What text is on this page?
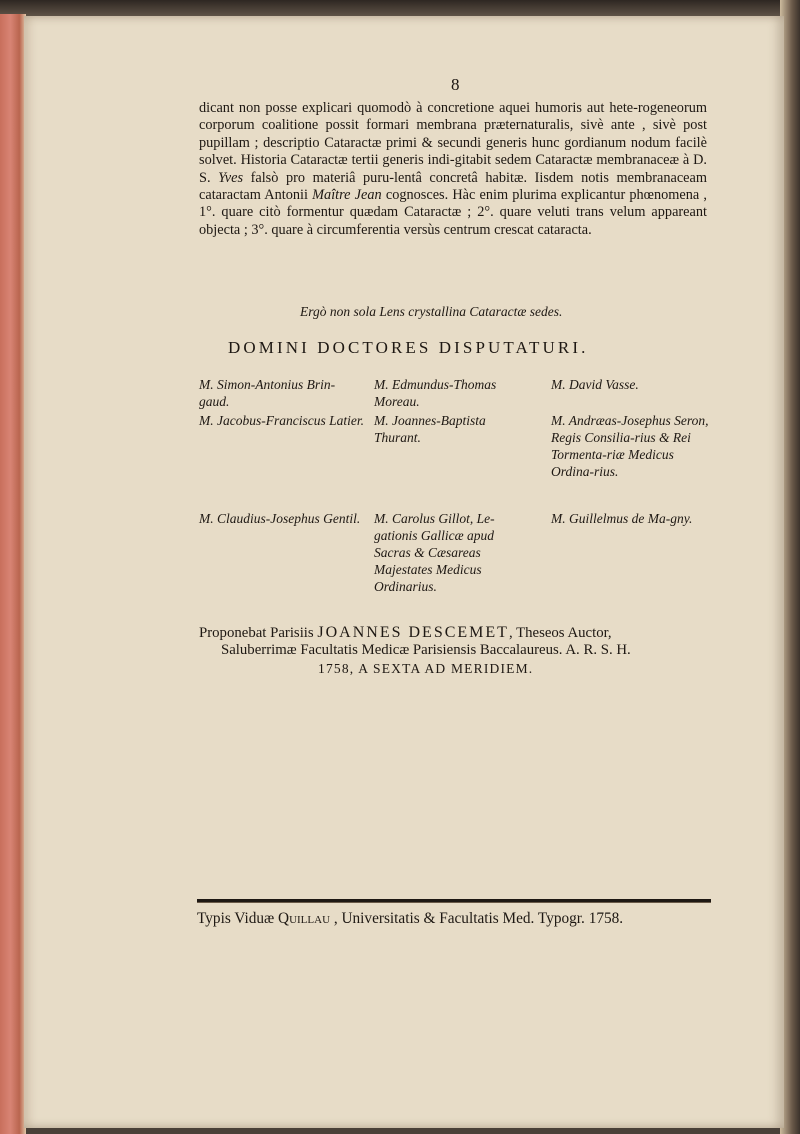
8

dicant non posse explicari quomodò à concretione aquei humoris aut hete-rogeneorum corporum coalitione possit formari membrana præternaturalis, sivè ante , sivè post pupillam ; descriptio Cataractæ primi & secundi generis hunc gordianum nodum facilè solvet. Historia Cataractæ tertii generis indi-gitabit sedem Cataractæ membranaceæ à D. S. Yves falsò pro materiâ puru-lentâ concretâ habitæ. Iisdem notis membranaceam cataractam Antonii Maître Jean cognosces. Hàc enim plurima explicantur phœnomena , 1°. quare citò formentur quædam Cataractæ ; 2°. quare veluti trans velum appareant objecta ; 3°. quare à circumferentia versùs centrum crescat cataracta.

Ergò non sola Lens crystallina Cataractæ sedes.
DOMINI DOCTORES DISPUTATURI.

M. Simon-Antonius Brin-gaud.

M. Jacobus-Franciscus Latier.

M. Claudius-Josephus Gentil.

M. Edmundus-Thomas Moreau.

M. Joannes-Baptista Thurant.

M. Carolus Gillot, Le-gationis Gallicæ apud Sacras & Cæsareas Majestates Medicus Ordinarius.

M. David Vasse.

M. Andræas-Josephus Seron, Regis Consilia-rius & Rei Tormenta-riæ Medicus Ordina-rius.

M. Guillelmus de Ma-gny.

Proponebat Parisiis JOANNES DESCEMET, Theseos Auctor,

Saluberrimæ Facultatis Medicæ Parisiensis Baccalaureus. A. R. S. H.

1758, A SEXTA AD MERIDIEM.

Typis Viduæ Quillau , Universitatis & Facultatis Med. Typogr. 1758.
